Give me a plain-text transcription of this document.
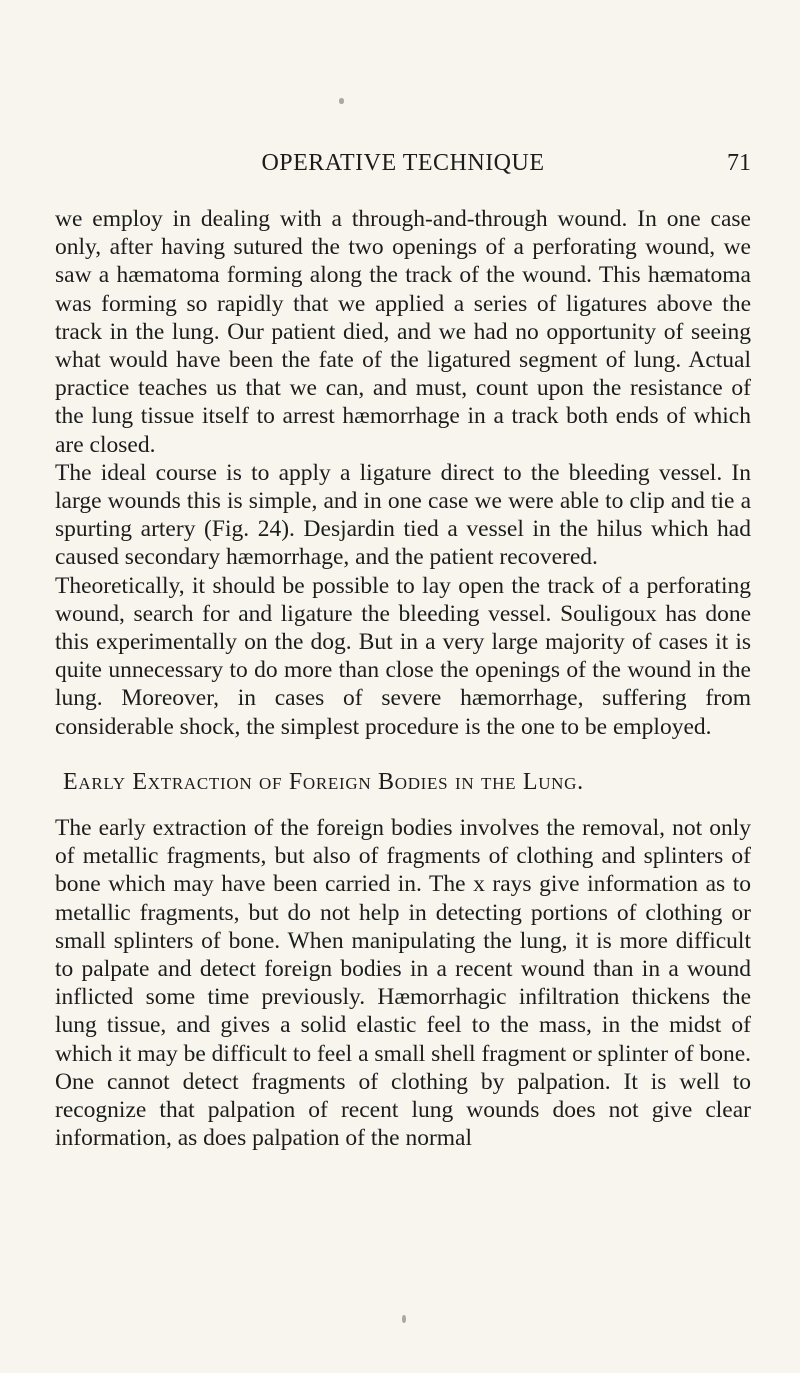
OPERATIVE TECHNIQUE	71

we employ in dealing with a through-and-through wound. In one case only, after having sutured the two openings of a perforating wound, we saw a hæmatoma forming along the track of the wound. This hæmatoma was forming so rapidly that we applied a series of ligatures above the track in the lung. Our patient died, and we had no opportunity of seeing what would have been the fate of the ligatured segment of lung. Actual practice teaches us that we can, and must, count upon the resistance of the lung tissue itself to arrest hæmorrhage in a track both ends of which are closed.

The ideal course is to apply a ligature direct to the bleeding vessel. In large wounds this is simple, and in one case we were able to clip and tie a spurting artery (Fig. 24). Desjardin tied a vessel in the hilus which had caused secondary hæmorrhage, and the patient recovered.

Theoretically, it should be possible to lay open the track of a perforating wound, search for and ligature the bleeding vessel. Souligoux has done this experimentally on the dog. But in a very large majority of cases it is quite unnecessary to do more than close the openings of the wound in the lung. Moreover, in cases of severe hæmorrhage, suffering from considerable shock, the simplest procedure is the one to be employed.

Early Extraction of Foreign Bodies in the Lung.

The early extraction of the foreign bodies involves the removal, not only of metallic fragments, but also of fragments of clothing and splinters of bone which may have been carried in. The x rays give information as to metallic fragments, but do not help in detecting portions of clothing or small splinters of bone. When manipulating the lung, it is more difficult to palpate and detect foreign bodies in a recent wound than in a wound inflicted some time previously. Hæmorrhagic infiltration thickens the lung tissue, and gives a solid elastic feel to the mass, in the midst of which it may be difficult to feel a small shell fragment or splinter of bone. One cannot detect fragments of clothing by palpation. It is well to recognize that palpation of recent lung wounds does not give clear information, as does palpation of the normal
